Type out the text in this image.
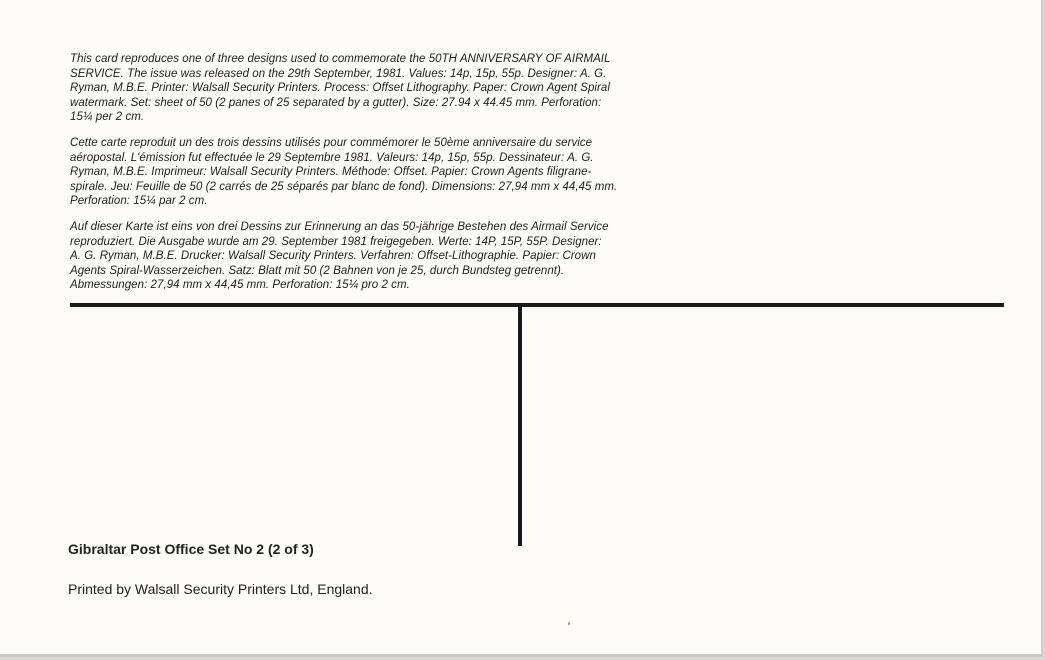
This card reproduces one of three designs used to commemorate the 50TH ANNIVERSARY OF AIRMAIL
SERVICE. The issue was released on the 29th September, 1981. Values: 14p, 15p, 55p. Designer: A. G.
Ryman, M.B.E. Printer: Walsall Security Printers. Process: Offset Lithography. Paper: Crown Agent Spiral
watermark. Set: sheet of 50 (2 panes of 25 separated by a gutter). Size: 27.94 x 44.45 mm. Perforation:
15¼ per 2 cm.
Cette carte reproduit un des trois dessins utilisés pour commémorer le 50ème anniversaire du service
aéropostal. L'émission fut effectuée le 29 Septembre 1981. Valeurs: 14p, 15p, 55p. Dessinateur: A. G.
Ryman, M.B.E. Imprimeur: Walsall Security Printers. Méthode: Offset. Papier: Crown Agents filigrane-
spirale. Jeu: Feuille de 50 (2 carrés de 25 séparés par blanc de fond). Dimensions: 27,94 mm x 44,45 mm.
Perforation: 15¼ par 2 cm.
Auf dieser Karte ist eins von drei Dessins zur Erinnerung an das 50-jährige Bestehen des Airmail Service
reproduziert. Die Ausgabe wurde am 29. September 1981 freigegeben. Werte: 14P, 15P, 55P. Designer:
A. G. Ryman, M.B.E. Drucker: Walsall Security Printers. Verfahren: Offset-Lithographie. Papier: Crown
Agents Spiral-Wasserzeichen. Satz: Blatt mit 50 (2 Bahnen von je 25, durch Bundsteg getrennt).
Abmessungen: 27,94 mm x 44,45 mm. Perforation: 15¼ pro 2 cm.
Gibraltar Post Office Set No 2 (2 of 3)
Printed by Walsall Security Printers Ltd, England.
